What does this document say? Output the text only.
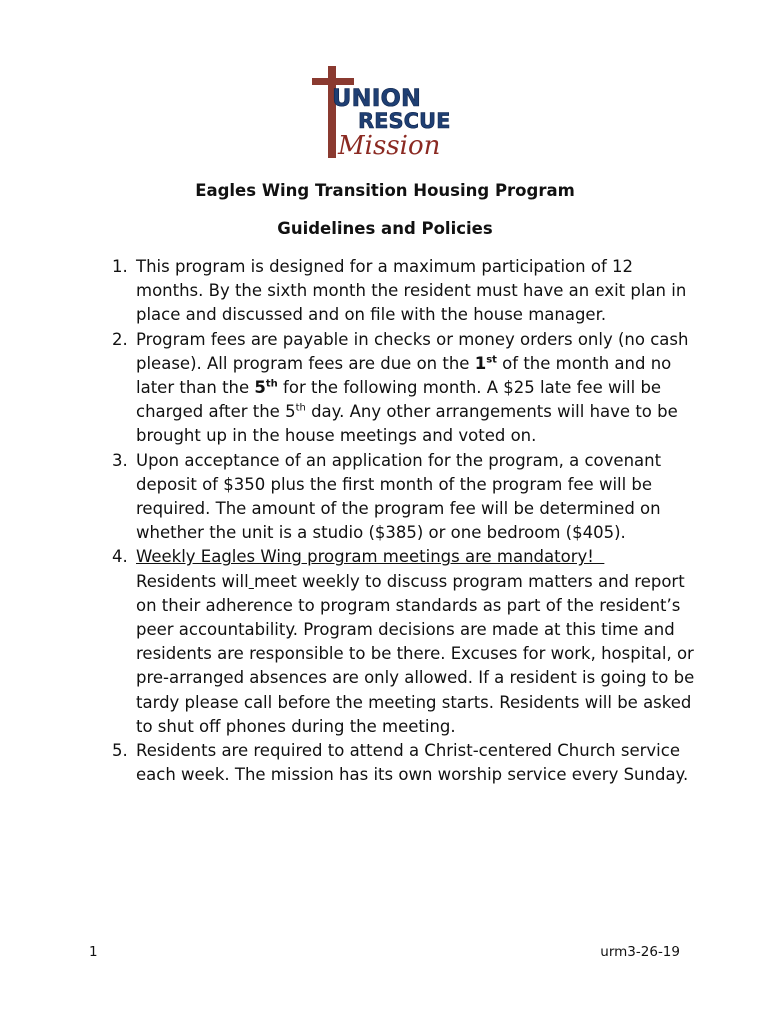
UNION
RESCUE
Mission

Eagles Wing Transition Housing Program

Guidelines and Policies

1. This program is designed for a maximum participation of 12 months. By the sixth month the resident must have an exit plan in place and discussed and on file with the house manager.
2. Program fees are payable in checks or money orders only (no cash please). All program fees are due on the 1st of the month and no later than the 5th for the following month. A $25 late fee will be charged after the 5th day. Any other arrangements will have to be brought up in the house meetings and voted on.
3. Upon acceptance of an application for the program, a covenant deposit of $350 plus the first month of the program fee will be required. The amount of the program fee will be determined on whether the unit is a studio ($385) or one bedroom ($405).
4. Weekly Eagles Wing program meetings are mandatory!
Residents will meet weekly to discuss program matters and report on their adherence to program standards as part of the resident’s peer accountability. Program decisions are made at this time and residents are responsible to be there. Excuses for work, hospital, or pre-arranged absences are only allowed. If a resident is going to be tardy please call before the meeting starts. Residents will be asked to shut off phones during the meeting.
5. Residents are required to attend a Christ-centered Church service each week. The mission has its own worship service every Sunday.

1	urm3-26-19
